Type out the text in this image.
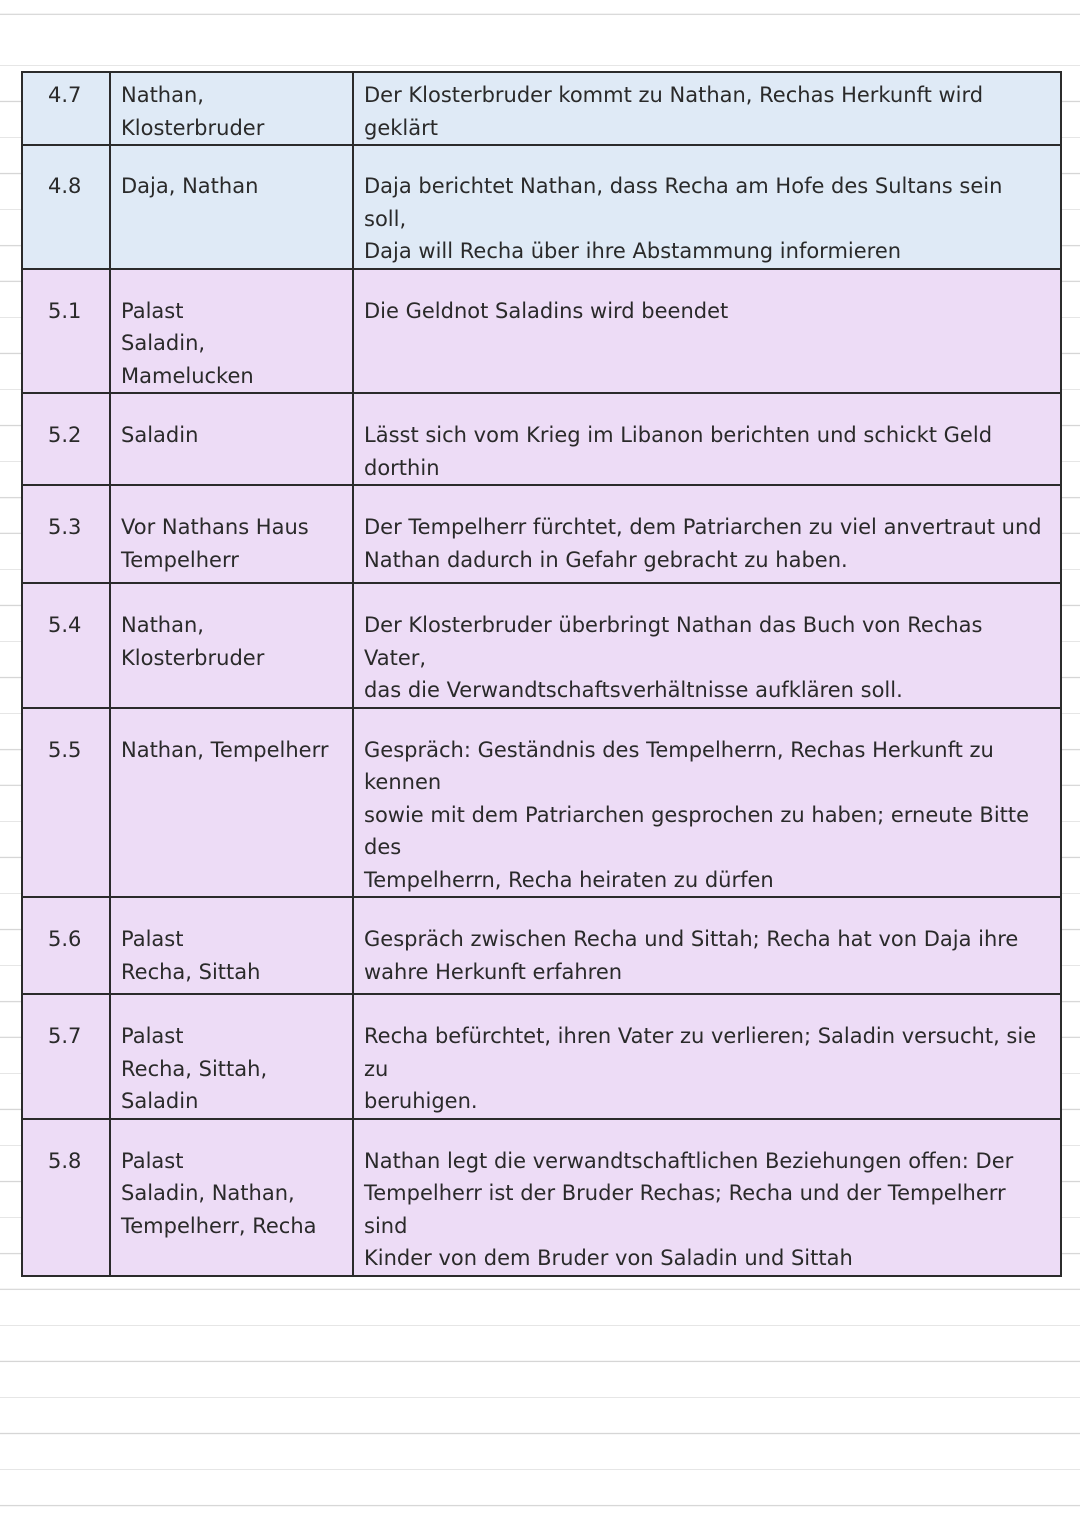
4.7	Nathan, Klosterbruder	Der Klosterbruder kommt zu Nathan, Rechas Herkunft wird geklärt

4.8	Daja, Nathan	Daja berichtet Nathan, dass Recha am Hofe des Sultans sein soll,
Daja will Recha über ihre Abstammung informieren

5.1	Palast
Saladin, Mamelucken	Die Geldnot Saladins wird beendet

5.2	Saladin	Lässt sich vom Krieg im Libanon berichten und schickt Geld dorthin

5.3	Vor Nathans Haus
Tempelherr	Der Tempelherr fürchtet, dem Patriarchen zu viel anvertraut und
Nathan dadurch in Gefahr gebracht zu haben.

5.4	Nathan, Klosterbruder	Der Klosterbruder überbringt Nathan das Buch von Rechas Vater,
das die Verwandtschaftsverhältnisse aufklären soll.

5.5	Nathan, Tempelherr	Gespräch: Geständnis des Tempelherrn, Rechas Herkunft zu kennen
sowie mit dem Patriarchen gesprochen zu haben; erneute Bitte des
Tempelherrn, Recha heiraten zu dürfen

5.6	Palast
Recha, Sittah	Gespräch zwischen Recha und Sittah; Recha hat von Daja ihre
wahre Herkunft erfahren

5.7	Palast
Recha, Sittah, Saladin	Recha befürchtet, ihren Vater zu verlieren; Saladin versucht, sie zu
beruhigen.

5.8	Palast
Saladin, Nathan,
Tempelherr, Recha	Nathan legt die verwandtschaftlichen Beziehungen offen: Der
Tempelherr ist der Bruder Rechas; Recha und der Tempelherr sind
Kinder von dem Bruder von Saladin und Sittah
